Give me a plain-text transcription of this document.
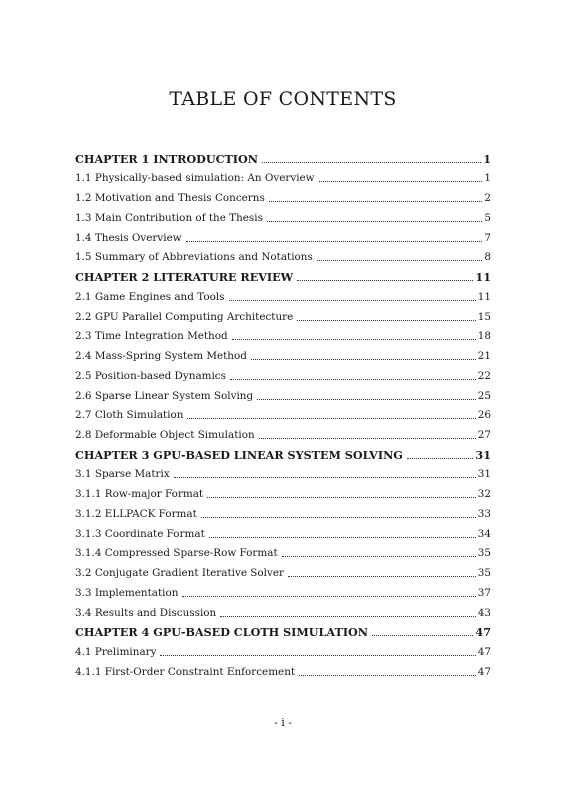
TABLE OF CONTENTS
CHAPTER 1 INTRODUCTION	1
1.1 Physically-based simulation: An Overview	1
1.2 Motivation and Thesis Concerns	2
1.3 Main Contribution of the Thesis	5
1.4 Thesis Overview	7
1.5 Summary of Abbreviations and Notations	8
CHAPTER 2 LITERATURE REVIEW	11
2.1 Game Engines and Tools	11
2.2 GPU Parallel Computing Architecture	15
2.3 Time Integration Method	18
2.4 Mass-Spring System Method	21
2.5 Position-based Dynamics	22
2.6 Sparse Linear System Solving	25
2.7 Cloth Simulation	26
2.8 Deformable Object Simulation	27
CHAPTER 3 GPU-BASED LINEAR SYSTEM SOLVING	31
3.1 Sparse Matrix	31
3.1.1 Row-major Format	32
3.1.2 ELLPACK Format	33
3.1.3 Coordinate Format	34
3.1.4 Compressed Sparse-Row Format	35
3.2 Conjugate Gradient Iterative Solver	35
3.3 Implementation	37
3.4 Results and Discussion	43
CHAPTER 4 GPU-BASED CLOTH SIMULATION	47
4.1 Preliminary	47
4.1.1 First-Order Constraint Enforcement	47
- i -
